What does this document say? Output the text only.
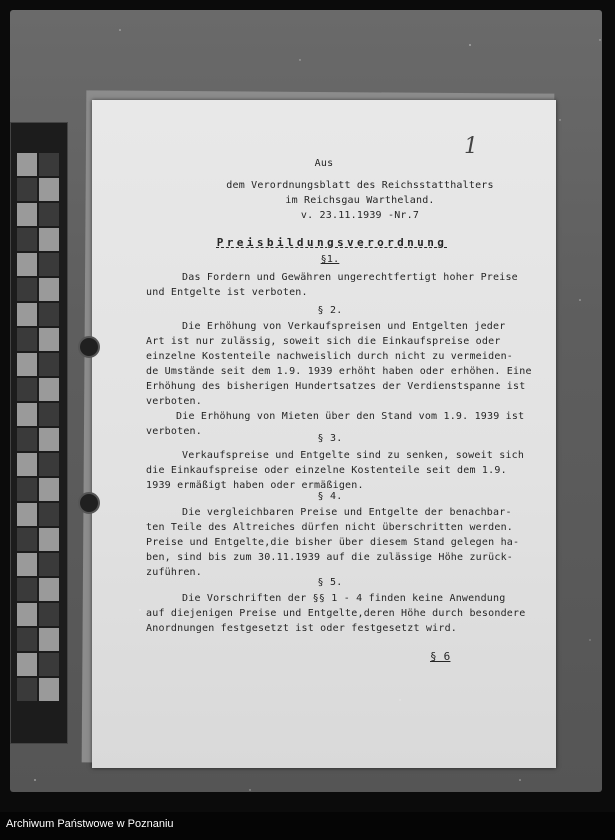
1
Aus
dem Verordnungsblatt des Reichsstatthalters
im Reichsgau Wartheland.
v. 23.11.1939 -Nr.7
Preisbildungsverordnung
§1.
Das Fordern und Gewähren ungerechtfertigt hoher Preise
und Entgelte ist verboten.
§ 2.
Die Erhöhung von Verkaufspreisen und Entgelten jeder
Art ist nur zulässig, soweit sich die Einkaufspreise oder
einzelne Kostenteile nachweislich durch nicht zu vermeiden-
de Umstände seit dem 1.9. 1939 erhöht haben oder erhöhen. Eine
Erhöhung des bisherigen Hundertsatzes der Verdienstspanne ist
verboten.
Die Erhöhung von Mieten über den Stand vom 1.9. 1939 ist
verboten.
§ 3.
Verkaufspreise und Entgelte sind zu senken, soweit sich
die Einkaufspreise oder einzelne Kostenteile seit dem 1.9.
1939 ermäßigt haben oder ermäßigen.
§ 4.
Die vergleichbaren Preise und Entgelte der benachbar-
ten Teile des Altreiches dürfen nicht überschritten werden.
Preise und Entgelte,die bisher über diesem Stand gelegen ha-
ben, sind bis zum 30.11.1939 auf die zulässige Höhe zurück-
zuführen.
§ 5.
Die Vorschriften der §§ 1 - 4 finden keine Anwendung
auf diejenigen Preise und Entgelte,deren Höhe durch besondere
Anordnungen festgesetzt ist oder festgesetzt wird.
§ 6
Archiwum Państwowe w Poznaniu
